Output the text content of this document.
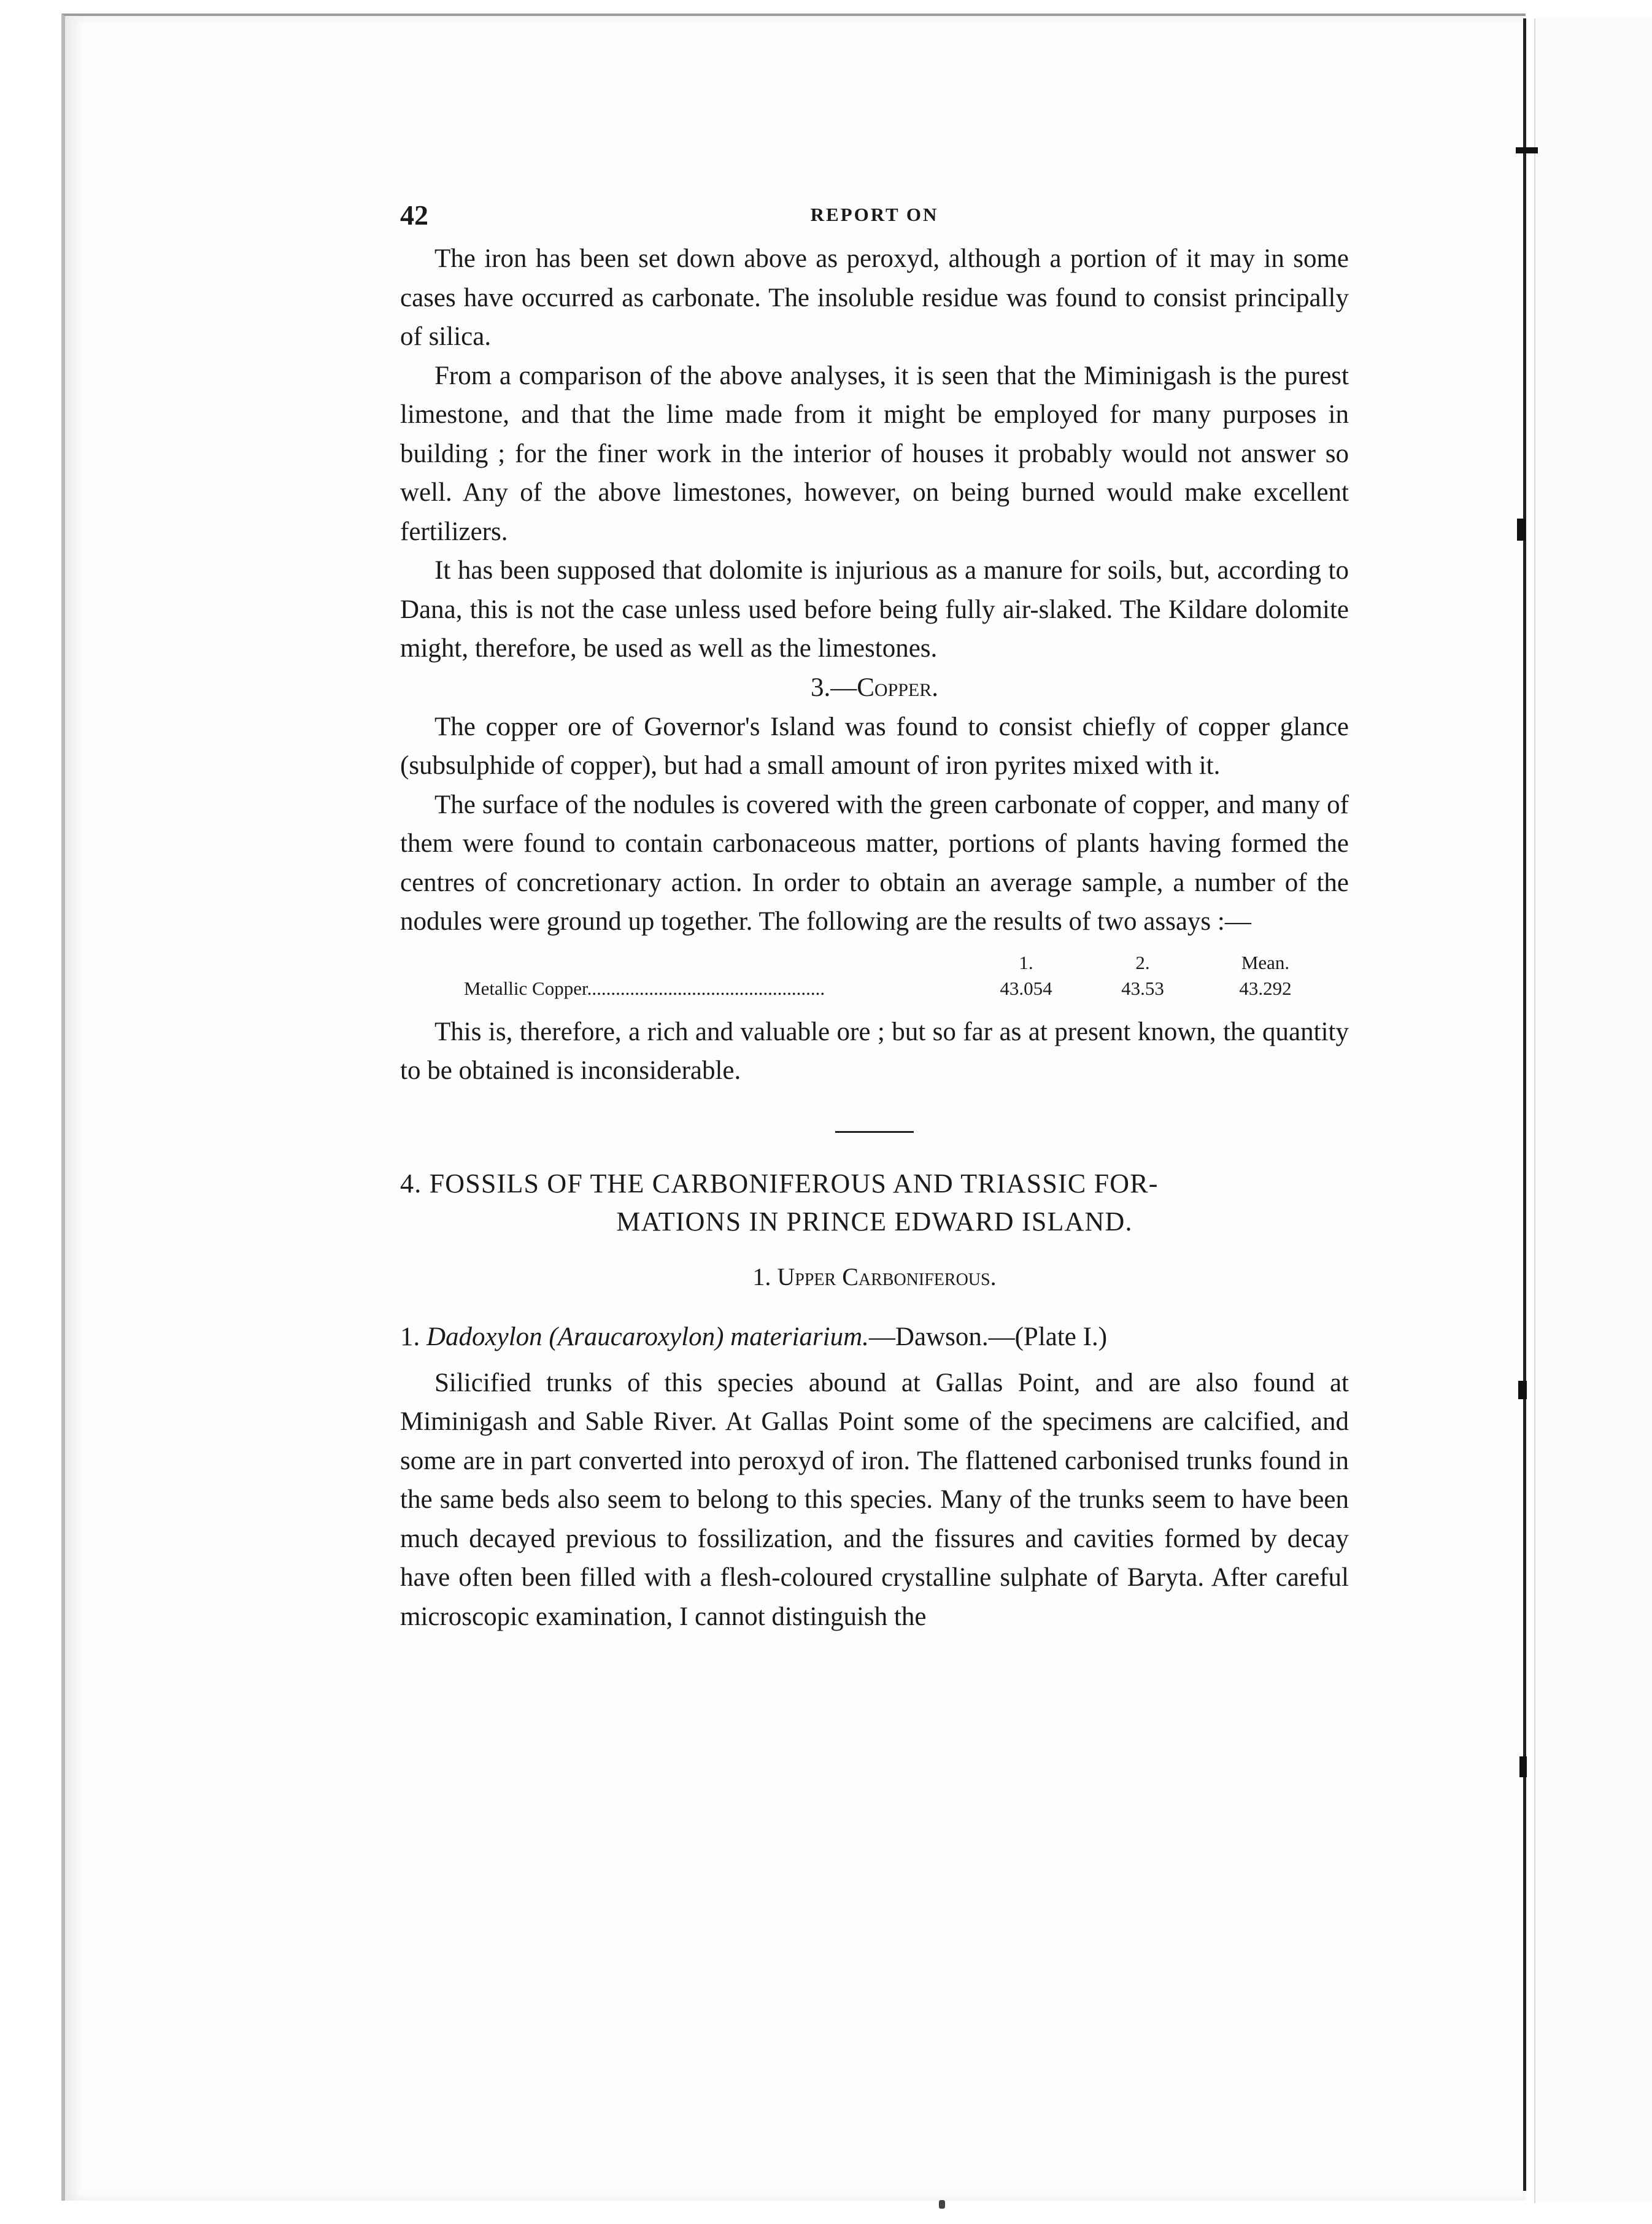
42	REPORT ON

The iron has been set down above as peroxyd, although a portion of it may in some cases have occurred as carbonate. The insoluble residue was found to consist principally of silica.

From a comparison of the above analyses, it is seen that the Miminigash is the purest limestone, and that the lime made from it might be employed for many purposes in building ; for the finer work in the interior of houses it probably would not answer so well. Any of the above limestones, however, on being burned would make excellent fertilizers.

It has been supposed that dolomite is injurious as a manure for soils, but, according to Dana, this is not the case unless used before being fully air-slaked. The Kildare dolomite might, therefore, be used as well as the limestones.

3.—Copper.

The copper ore of Governor's Island was found to consist chiefly of copper glance (subsulphide of copper), but had a small amount of iron pyrites mixed with it.

The surface of the nodules is covered with the green carbonate of copper, and many of them were found to contain carbonaceous matter, portions of plants having formed the centres of concretionary action. In order to obtain an average sample, a number of the nodules were ground up together. The following are the results of two assays :—

	1.	2.	Mean.
Metallic Copper..................................................	43.054	43.53	43.292

This is, therefore, a rich and valuable ore ; but so far as at present known, the quantity to be obtained is inconsiderable.

4. FOSSILS OF THE CARBONIFEROUS AND TRIASSIC FOR-
MATIONS IN PRINCE EDWARD ISLAND.
1. Upper Carboniferous.
1. Dadoxylon (Araucaroxylon) materiarium.—Dawson.—(Plate I.)

Silicified trunks of this species abound at Gallas Point, and are also found at Miminigash and Sable River. At Gallas Point some of the specimens are calcified, and some are in part converted into peroxyd of iron. The flattened carbonised trunks found in the same beds also seem to belong to this species. Many of the trunks seem to have been much decayed previous to fossilization, and the fissures and cavities formed by decay have often been filled with a flesh-coloured crystalline sulphate of Baryta. After careful microscopic examination, I cannot distinguish the
